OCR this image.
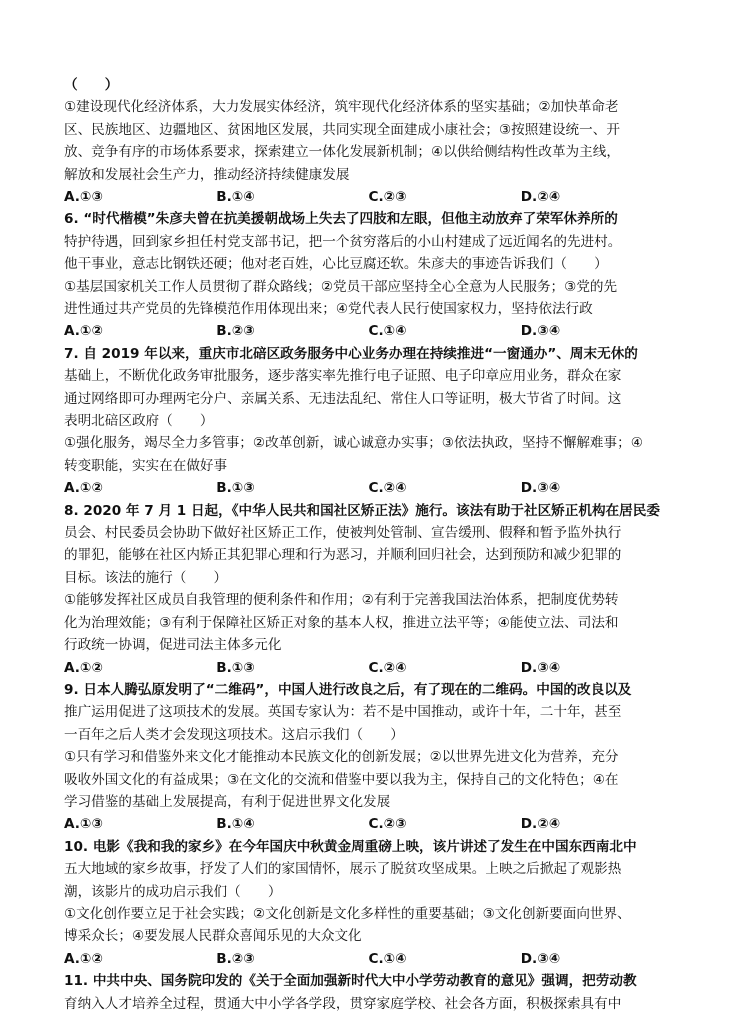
（　　）
①建设现代化经济体系，大力发展实体经济，筑牢现代化经济体系的坚实基础；②加快革命老
区、民族地区、边疆地区、贫困地区发展，共同实现全面建成小康社会；③按照建设统一、开
放、竞争有序的市场体系要求，探索建立一体化发展新机制；④以供给侧结构性改革为主线，
解放和发展社会生产力，推动经济持续健康发展
A.①③	B.①④	C.②③	D.②④
6. “时代楷模”朱彦夫曾在抗美援朝战场上失去了四肢和左眼，但他主动放弃了荣军休养所的
特护待遇，回到家乡担任村党支部书记，把一个贫穷落后的小山村建成了远近闻名的先进村。
他干事业，意志比钢铁还硬；他对老百姓，心比豆腐还软。朱彦夫的事迹告诉我们（　　）
①基层国家机关工作人员贯彻了群众路线；②党员干部应坚持全心全意为人民服务；③党的先
进性通过共产党员的先锋模范作用体现出来；④党代表人民行使国家权力，坚持依法行政
A.①②	B.②③	C.①④	D.③④
7. 自 2019 年以来，重庆市北碚区政务服务中心业务办理在持续推进“一窗通办”、周末无休的
基础上，不断优化政务审批服务，逐步落实率先推行电子证照、电子印章应用业务，群众在家
通过网络即可办理两宅分户、亲属关系、无违法乱纪、常住人口等证明，极大节省了时间。这
表明北碚区政府（　　）
①强化服务，竭尽全力多管事；②改革创新，诚心诚意办实事；③依法执政，坚持不懈解难事；④
转变职能，实实在在做好事
A.①②	B.①③	C.②④	D.③④
8. 2020 年 7 月 1 日起，《中华人民共和国社区矫正法》施行。该法有助于社区矫正机构在居民委
员会、村民委员会协助下做好社区矫正工作，使被判处管制、宣告缓刑、假释和暂予监外执行
的罪犯，能够在社区内矫正其犯罪心理和行为恶习，并顺利回归社会，达到预防和减少犯罪的
目标。该法的施行（　　）
①能够发挥社区成员自我管理的便利条件和作用；②有利于完善我国法治体系，把制度优势转
化为治理效能；③有利于保障社区矫正对象的基本人权，推进立法平等；④能使立法、司法和
行政统一协调，促进司法主体多元化
A.①②	B.①③	C.②④	D.③④
9. 日本人腾弘原发明了“二维码”，中国人进行改良之后，有了现在的二维码。中国的改良以及
推广运用促进了这项技术的发展。英国专家认为：若不是中国推动，或许十年，二十年，甚至
一百年之后人类才会发现这项技术。这启示我们（　　）
①只有学习和借鉴外来文化才能推动本民族文化的创新发展；②以世界先进文化为营养，充分
吸收外国文化的有益成果；③在文化的交流和借鉴中要以我为主，保持自己的文化特色；④在
学习借鉴的基础上发展提高，有利于促进世界文化发展
A.①③	B.①④	C.②③	D.②④
10. 电影《我和我的家乡》在今年国庆中秋黄金周重磅上映，该片讲述了发生在中国东西南北中
五大地域的家乡故事，抒发了人们的家国情怀，展示了脱贫攻坚成果。上映之后掀起了观影热
潮，该影片的成功启示我们（　　）
①文化创作要立足于社会实践；②文化创新是文化多样性的重要基础；③文化创新要面向世界、
博采众长；④要发展人民群众喜闻乐见的大众文化
A.①②	B.②③	C.①④	D.③④
11. 中共中央、国务院印发的《关于全面加强新时代大中小学劳动教育的意见》强调，把劳动教
育纳入人才培养全过程，贯通大中小学各学段，贯穿家庭学校、社会各方面，积极探索具有中
